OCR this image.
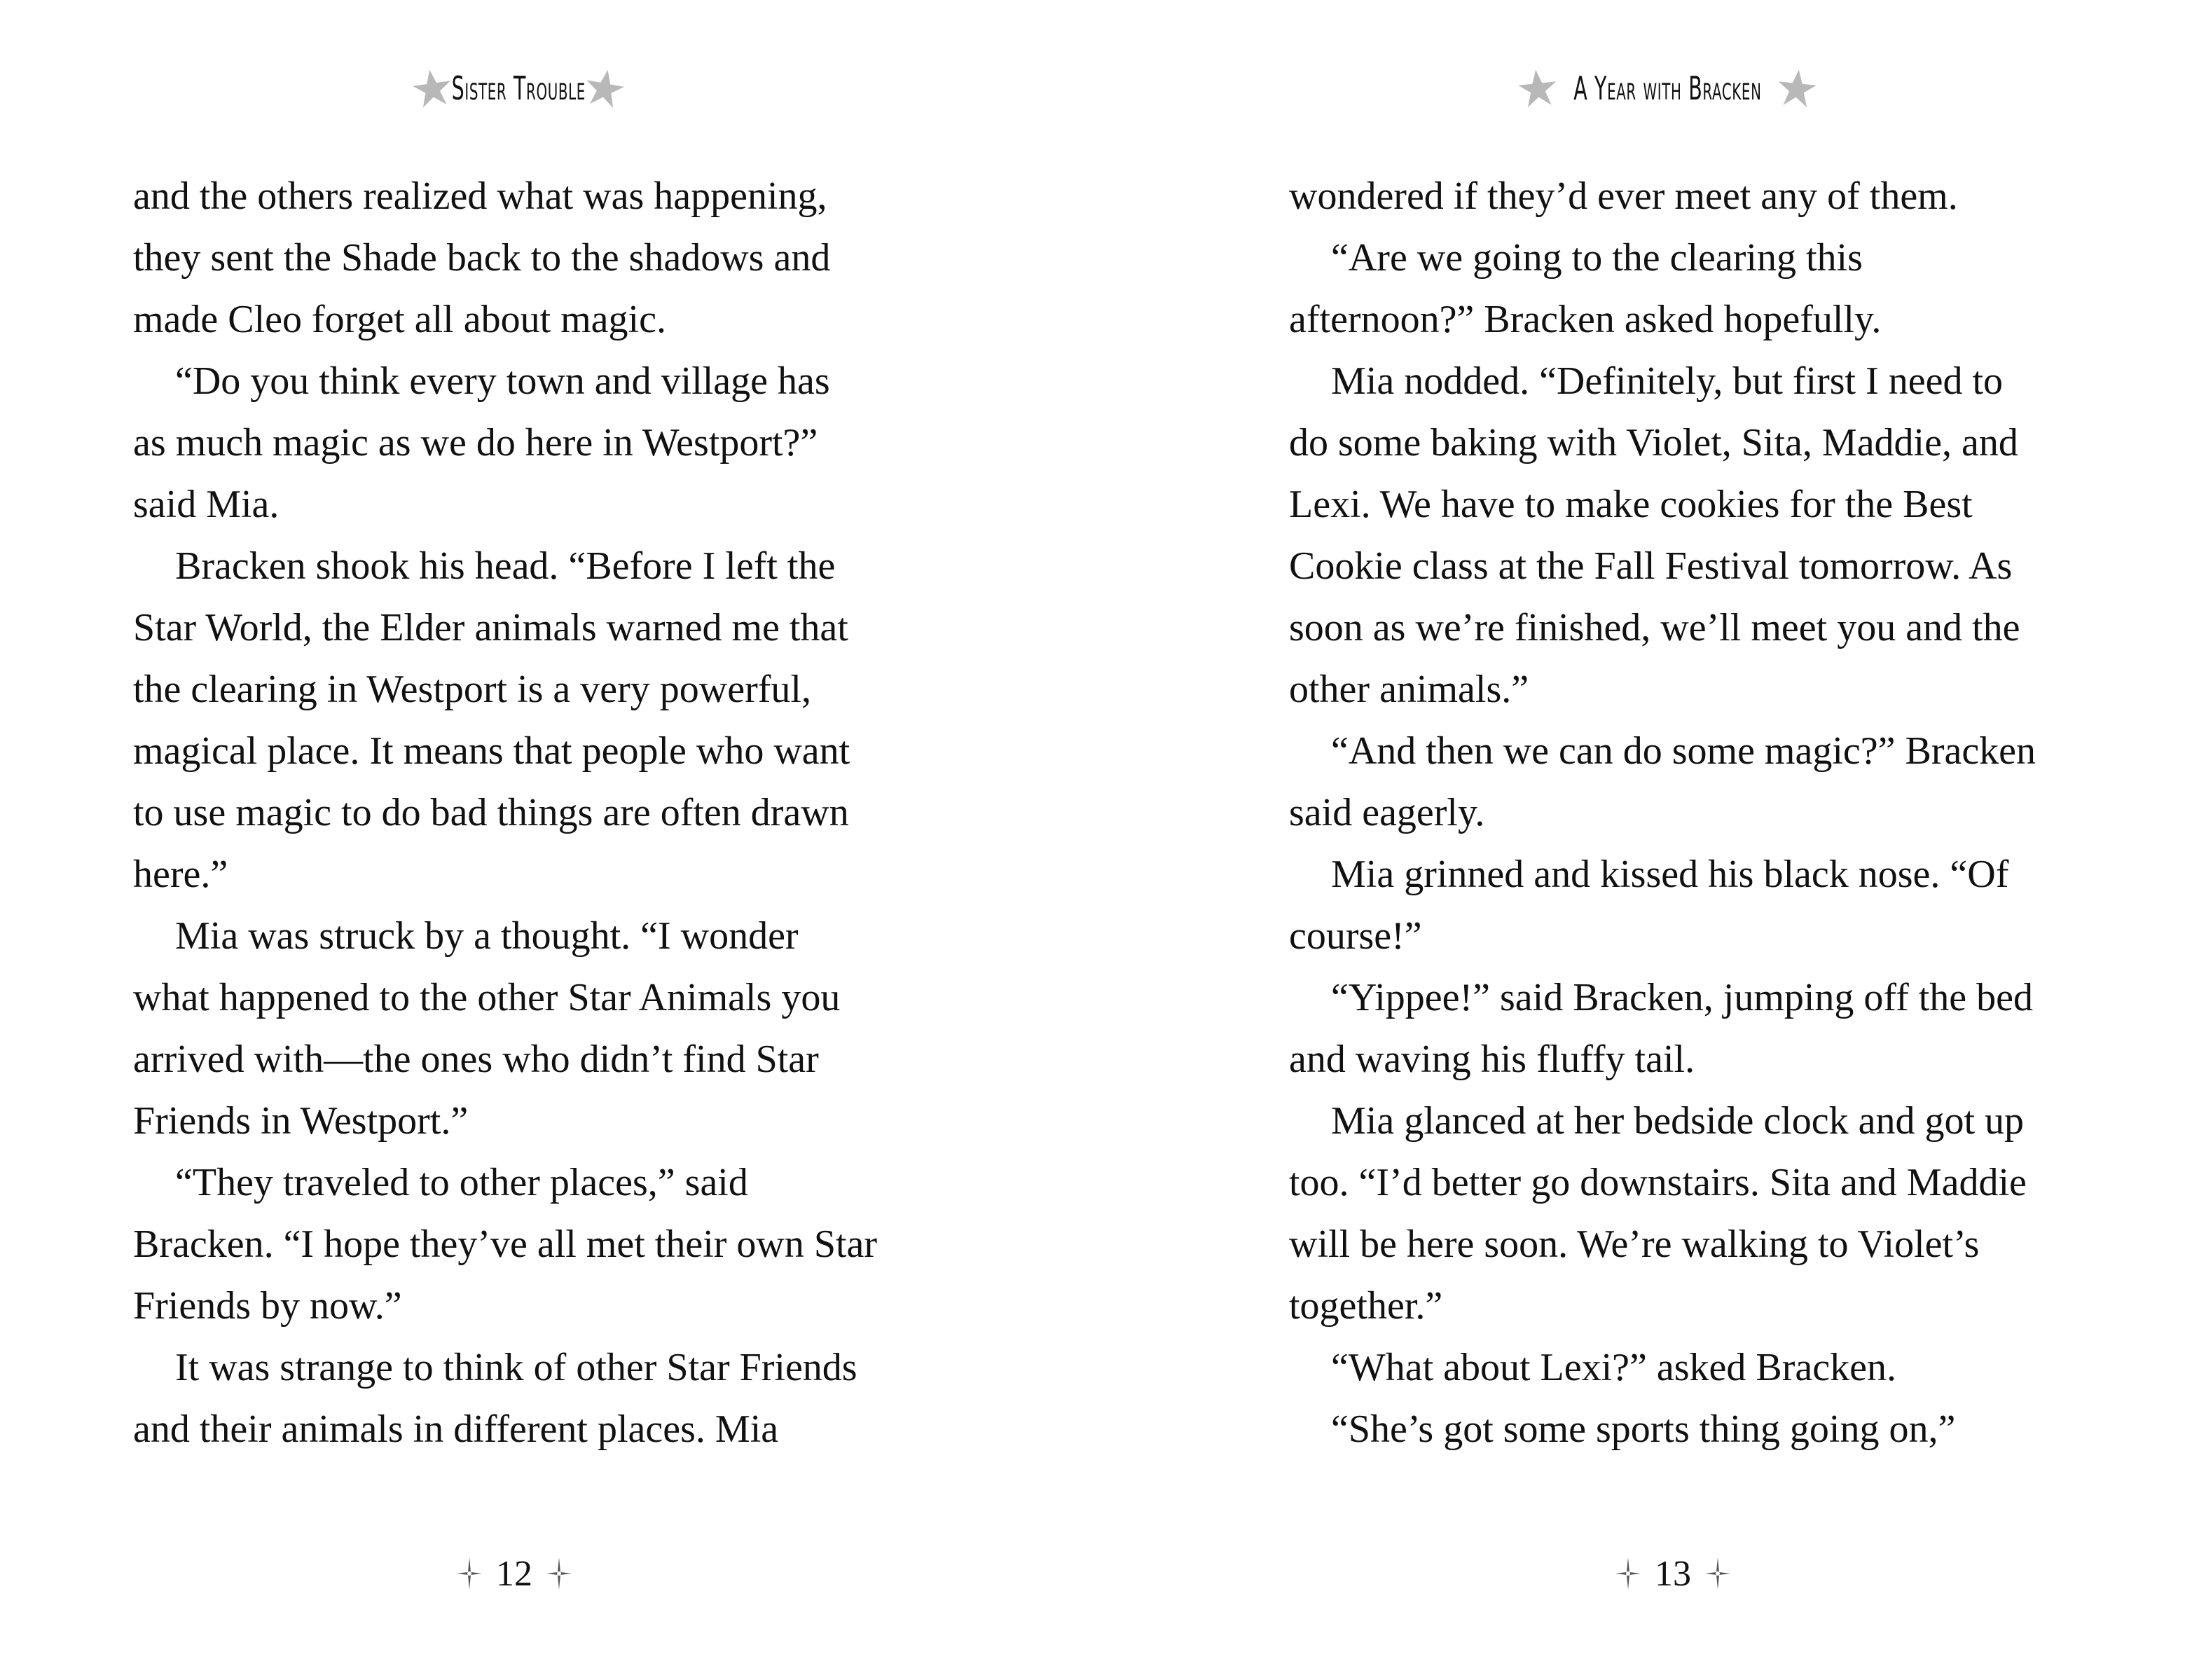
Sister Trouble
and the others realized what was happening,
they sent the Shade back to the shadows and
made Cleo forget all about magic.
“Do you think every town and village has
as much magic as we do here in Westport?”
said Mia.
Bracken shook his head. “Before I left the
Star World, the Elder animals warned me that
the clearing in Westport is a very powerful,
magical place. It means that people who want
to use magic to do bad things are often drawn
here.”
Mia was struck by a thought. “I wonder
what happened to the other Star Animals you
arrived with—the ones who didn’t find Star
Friends in Westport.”
“They traveled to other places,” said
Bracken. “I hope they’ve all met their own Star
Friends by now.”
It was strange to think of other Star Friends
and their animals in different places. Mia
12
A Year with Bracken
wondered if they’d ever meet any of them.
“Are we going to the clearing this
afternoon?” Bracken asked hopefully.
Mia nodded. “Definitely, but first I need to
do some baking with Violet, Sita, Maddie, and
Lexi. We have to make cookies for the Best
Cookie class at the Fall Festival tomorrow. As
soon as we’re finished, we’ll meet you and the
other animals.”
“And then we can do some magic?” Bracken
said eagerly.
Mia grinned and kissed his black nose. “Of
course!”
“Yippee!” said Bracken, jumping off the bed
and waving his fluffy tail.
Mia glanced at her bedside clock and got up
too. “I’d better go downstairs. Sita and Maddie
will be here soon. We’re walking to Violet’s
together.”
“What about Lexi?” asked Bracken.
“She’s got some sports thing going on,”
13
